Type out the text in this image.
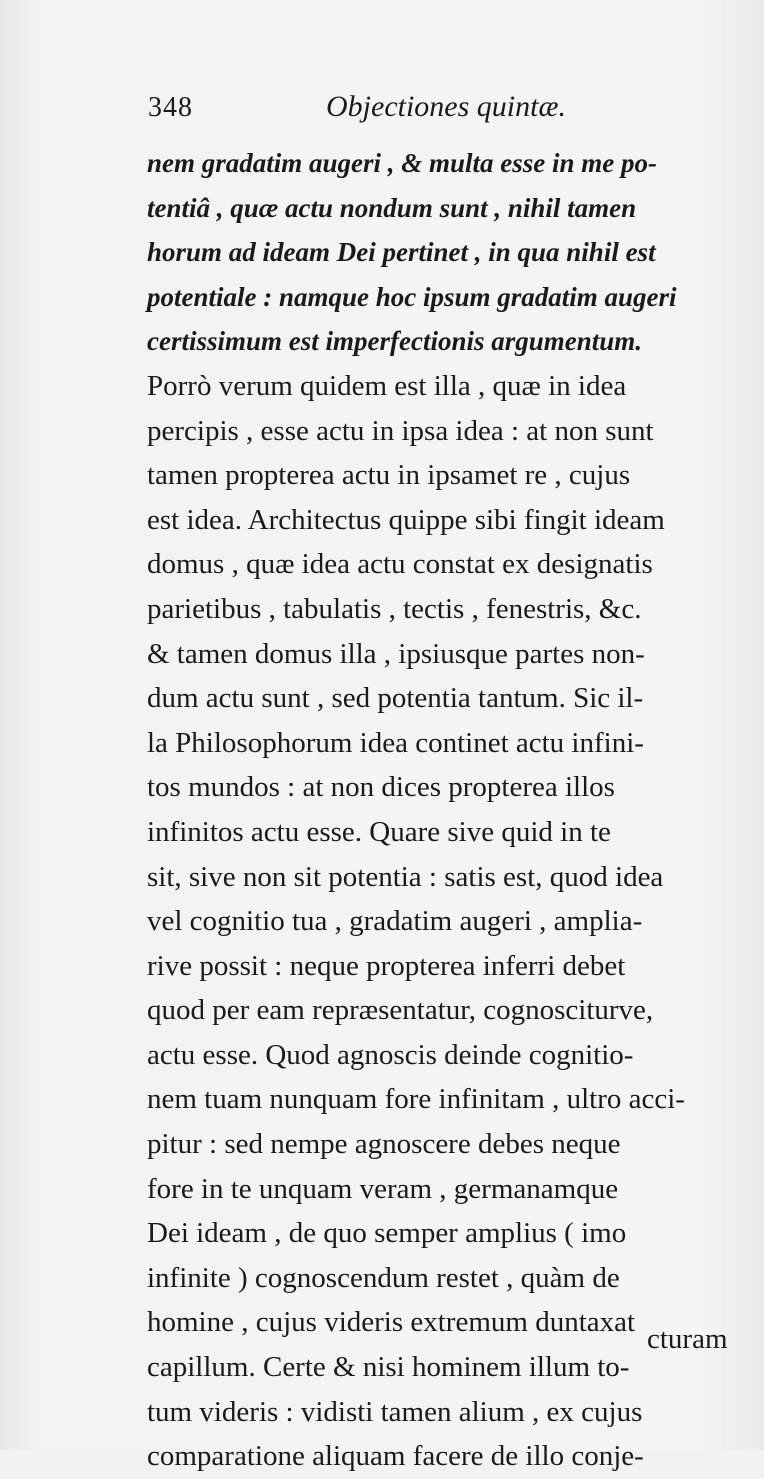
348	Objectiones quintæ.
nem gradatim augeri , & multa esse in me po-
tentiâ , quæ actu nondum sunt , nihil tamen
horum ad ideam Dei pertinet , in qua nihil est
potentiale : namque hoc ipsum gradatim augeri
certissimum est imperfectionis argumentum.
Porrò verum quidem est illa , quæ in idea
percipis , esse actu in ipsa idea : at non sunt
tamen propterea actu in ipsamet re , cujus
est idea. Architectus quippe sibi fingit ideam
domus , quæ idea actu constat ex designatis
parietibus , tabulatis , tectis , fenestris, &c.
& tamen domus illa , ipsiusque partes non-
dum actu sunt , sed potentia tantum. Sic il-
la Philosophorum idea continet actu infini-
tos mundos : at non dices propterea illos
infinitos actu esse. Quare sive quid in te
sit, sive non sit potentia : satis est, quod idea
vel cognitio tua , gradatim augeri , amplia-
rive possit : neque propterea inferri debet
quod per eam repræsentatur, cognosciturve,
actu esse. Quod agnoscis deinde cognitio-
nem tuam nunquam fore infinitam , ultro acci-
pitur : sed nempe agnoscere debes neque
fore in te unquam veram , germanamque
Dei ideam , de quo semper amplius ( imo
infinite ) cognoscendum restet , quàm de
homine , cujus videris extremum duntaxat
capillum. Certe & nisi hominem illum to-
tum videris : vidisti tamen alium , ex cujus
comparatione aliquam facere de illo conje-
cturam
